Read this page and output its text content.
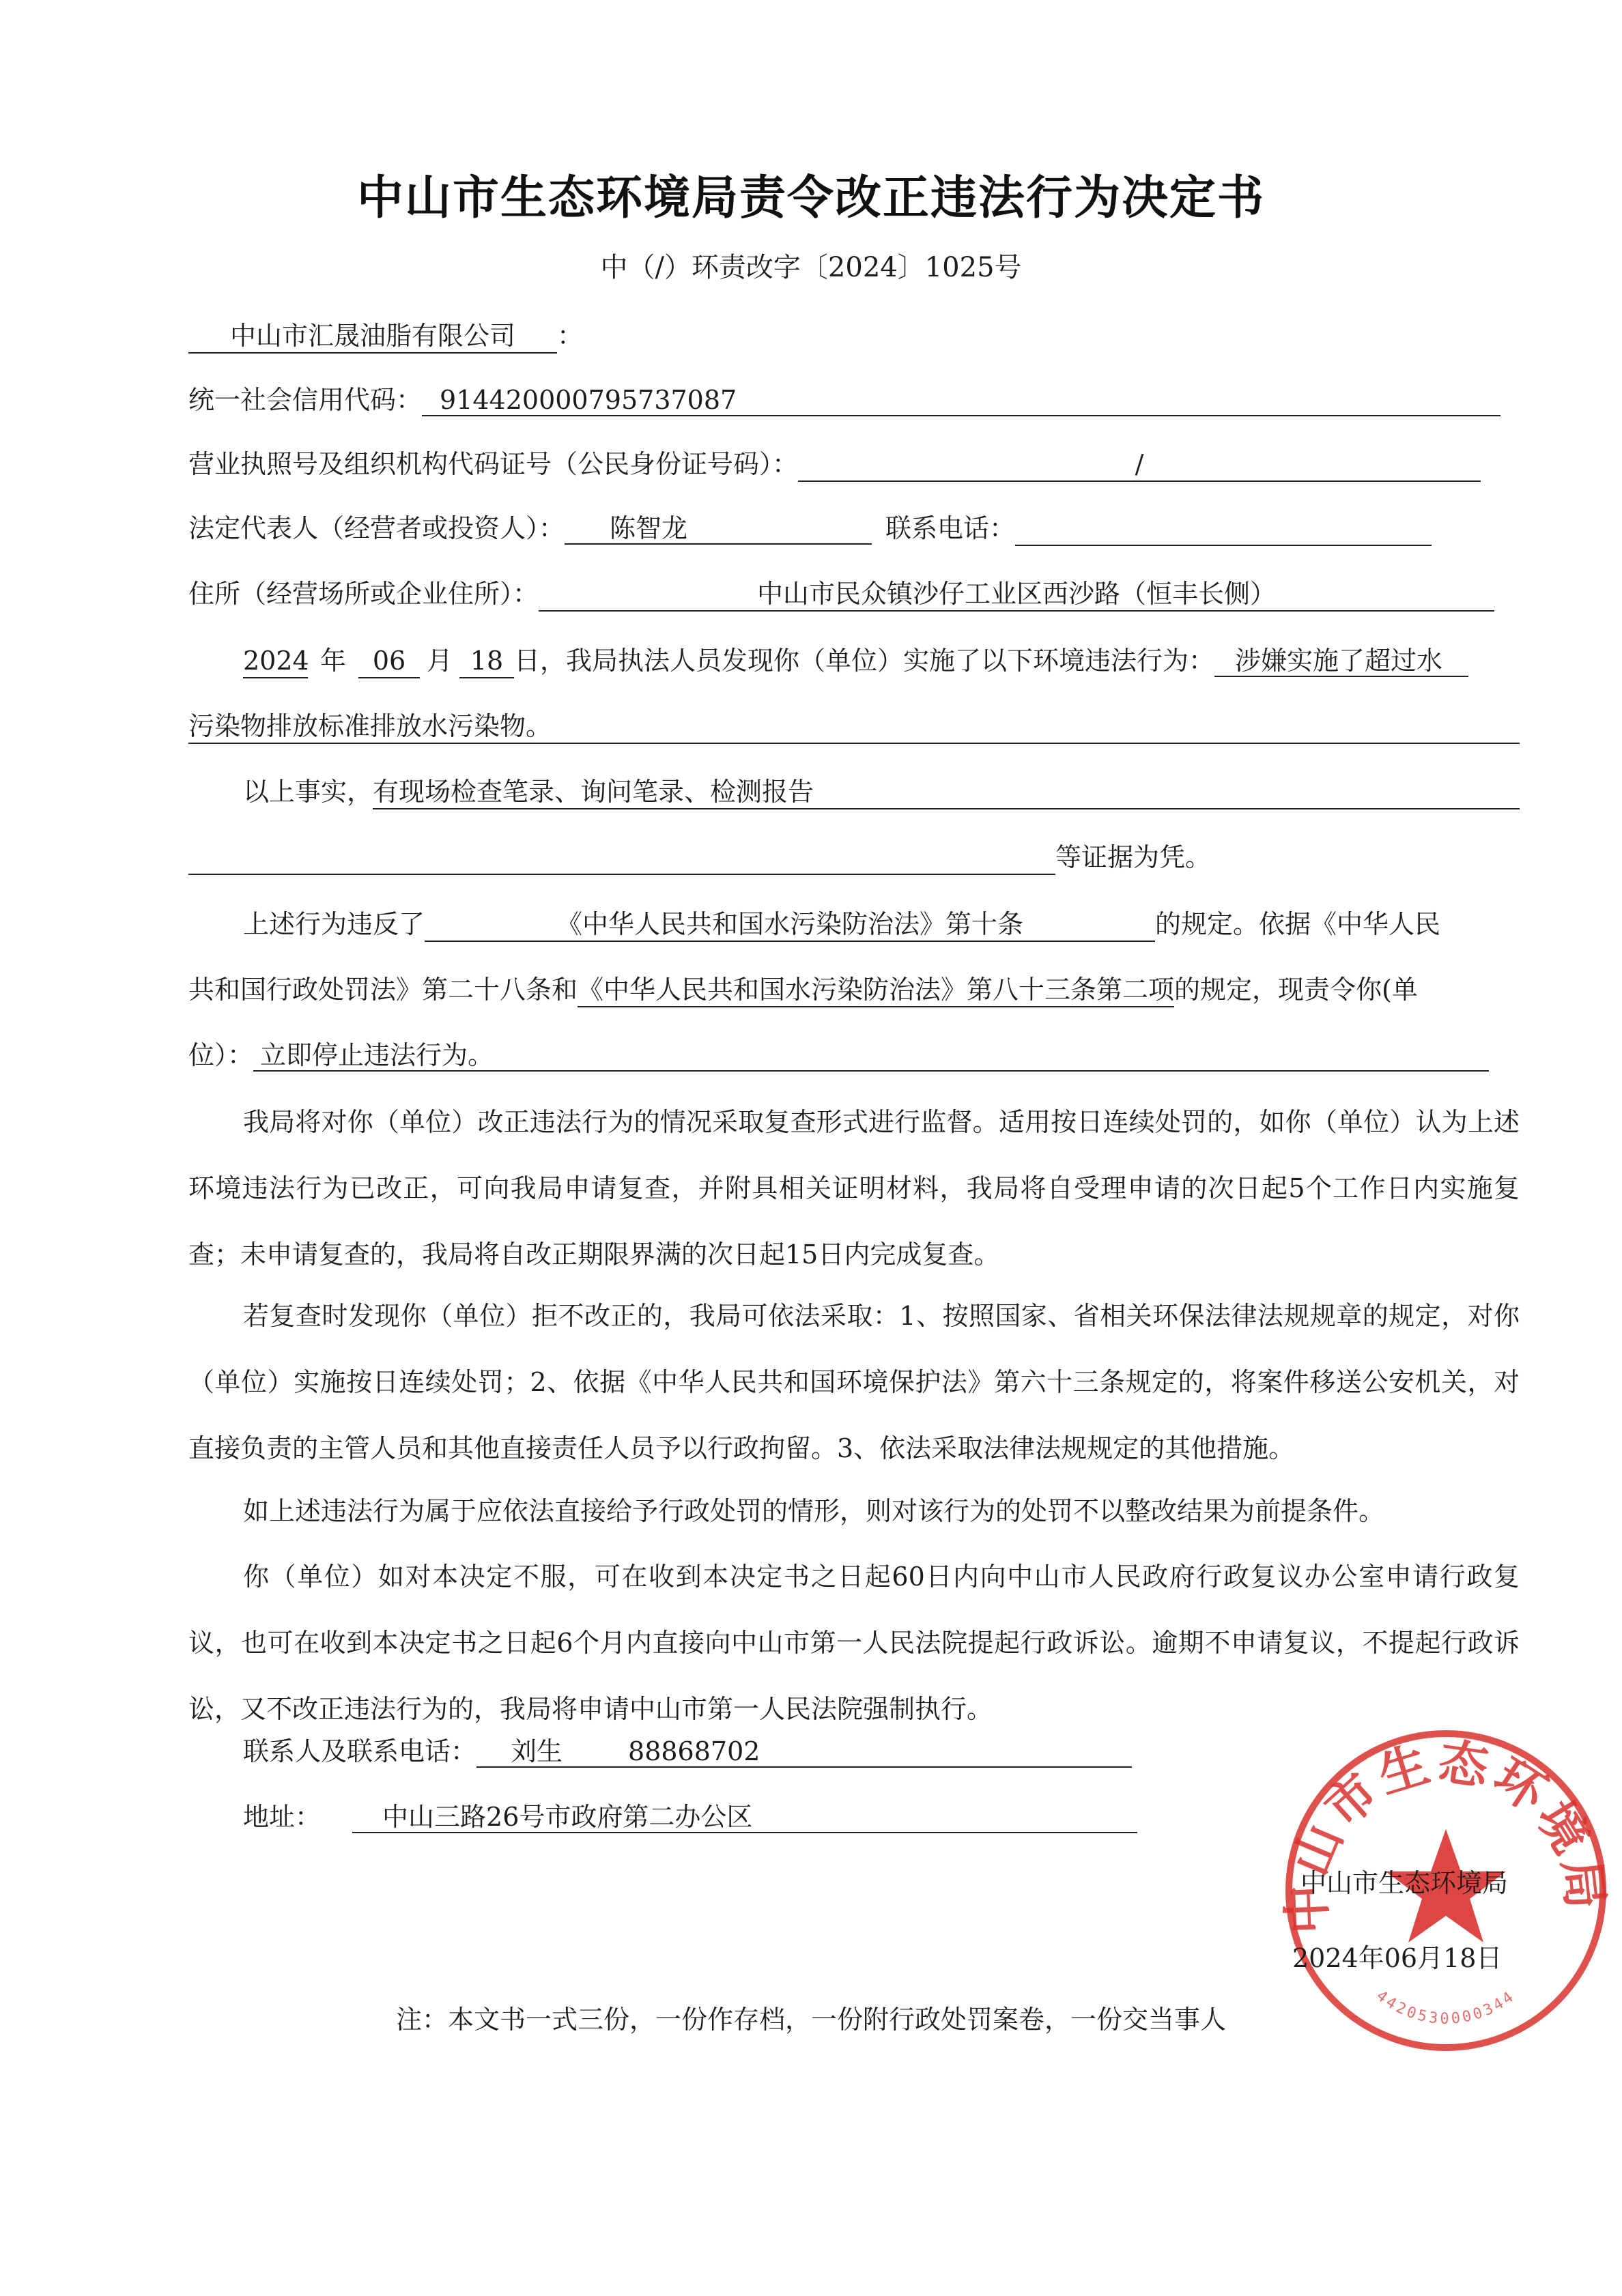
中山市生态环境局责令改正违法行为决定书
中（/）环责改字〔2024〕1025号
中山市汇晟油脂有限公司 ：
统一社会信用代码： 914420000795737087
营业执照号及组织机构代码证号（公民身份证号码）：	/
法定代表人（经营者或投资人）： 陈智龙	联系电话：
住所（经营场所或企业住所）：	中山市民众镇沙仔工业区西沙路（恒丰长侧）
2024 年 06 月 18 日，我局执法人员发现你（单位）实施了以下环境违法行为： 涉嫌实施了超过水
污染物排放标准排放水污染物。
以上事实，有现场检查笔录、询问笔录、检测报告
等证据为凭。
上述行为违反了	《中华人民共和国水污染防治法》第十条	的规定。依据《中华人民
共和国行政处罚法》第二十八条和《中华人民共和国水污染防治法》第八十三条第二项的规定，现责令你(单
位）： 立即停止违法行为。
我局将对你（单位）改正违法行为的情况采取复查形式进行监督。适用按日连续处罚的，如你（单位）认为上述环境违法行为已改正，可向我局申请复查，并附具相关证明材料，我局将自受理申请的次日起5个工作日内实施复查；未申请复查的，我局将自改正期限界满的次日起15日内完成复查。
若复查时发现你（单位）拒不改正的，我局可依法采取：1、按照国家、省相关环保法律法规规章的规定，对你（单位）实施按日连续处罚；2、依据《中华人民共和国环境保护法》第六十三条规定的，将案件移送公安机关，对直接负责的主管人员和其他直接责任人员予以行政拘留。3、依法采取法律法规规定的其他措施。
如上述违法行为属于应依法直接给予行政处罚的情形，则对该行为的处罚不以整改结果为前提条件。
你（单位）如对本决定不服，可在收到本决定书之日起60日内向中山市人民政府行政复议办公室申请行政复议，也可在收到本决定书之日起6个月内直接向中山市第一人民法院提起行政诉讼。逾期不申请复议，不提起行政诉讼，又不改正违法行为的，我局将申请中山市第一人民法院强制执行。
联系人及联系电话： 刘生	88868702
地址： 中山三路26号市政府第二办公区
中山市生态环境局
4420530000344
中山市生态环境局
2024年06月18日
注：本文书一式三份，一份作存档，一份附行政处罚案卷，一份交当事人
